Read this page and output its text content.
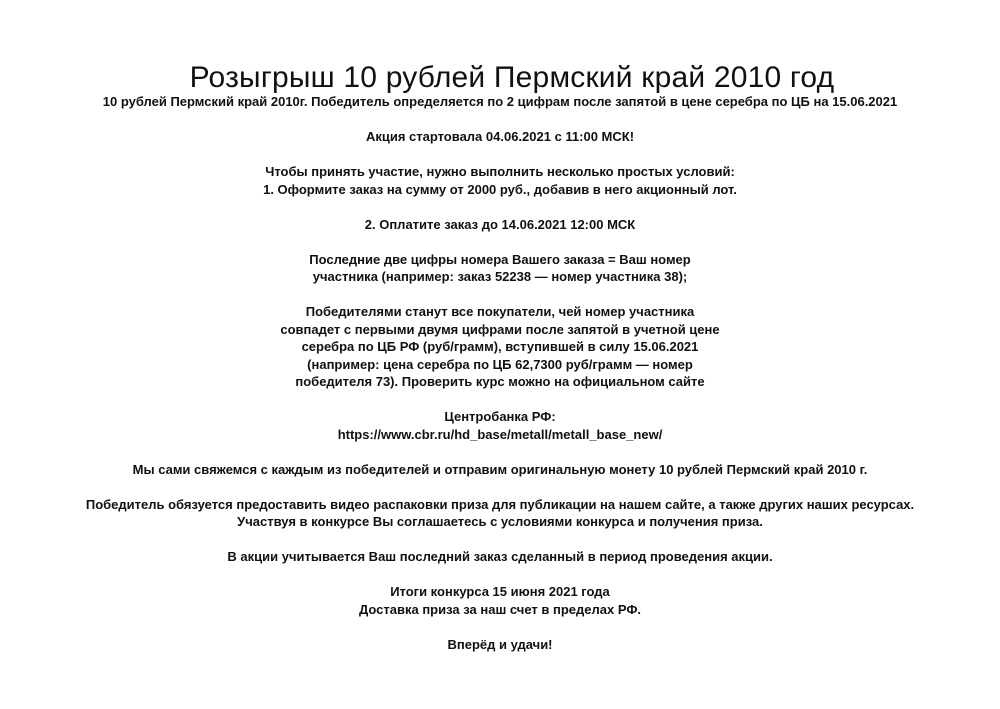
Розыгрыш 10 рублей Пермский край 2010 год
10 рублей Пермский край 2010г. Победитель определяется по 2 цифрам после запятой в цене серебра по ЦБ на 15.06.2021
Акция стартовала 04.06.2021 с 11:00 МСК!
Чтобы принять участие, нужно выполнить несколько простых условий:
1. Оформите заказ на сумму от 2000 руб., добавив в него акционный лот.
2. Оплатите заказ до 14.06.2021 12:00 МСК
Последние две цифры номера Вашего заказа = Ваш номер
участника (например: заказ 52238 — номер участника 38);
Победителями станут все покупатели, чей номер участника
совпадет с первыми двумя цифрами после запятой в учетной цене
серебра по ЦБ РФ (руб/грамм), вступившей в силу 15.06.2021
(например: цена серебра по ЦБ 62,7300 руб/грамм — номер
победителя 73). Проверить курс можно на официальном сайте
Центробанка РФ:
https://www.cbr.ru/hd_base/metall/metall_base_new/
Мы сами свяжемся с каждым из победителей и отправим оригинальную монету 10 рублей Пермский край 2010 г.
Победитель обязуется предоставить видео распаковки приза для публикации на нашем сайте, а также других наших ресурсах.
Участвуя в конкурсе Вы соглашаетесь с условиями конкурса и получения приза.
В акции учитывается Ваш последний заказ сделанный в период проведения акции.
Итоги конкурса 15 июня 2021 года
Доставка приза за наш счет в пределах РФ.
Вперёд и удачи!
